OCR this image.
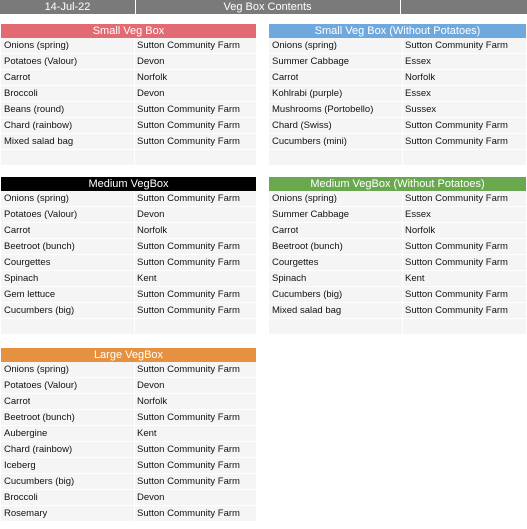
14-Jul-22	Veg Box Contents
Small Veg Box
Onions (spring)	Sutton Community Farm
Potatoes (Valour)	Devon
Carrot	Norfolk
Broccoli	Devon
Beans (round)	Sutton Community Farm
Chard (rainbow)	Sutton Community Farm
Mixed salad bag	Sutton Community Farm
Small Veg Box (Without Potatoes)
Onions (spring)	Sutton Community Farm
Summer Cabbage	Essex
Carrot	Norfolk
Kohlrabi (purple)	Essex
Mushrooms (Portobello)	Sussex
Chard (Swiss)	Sutton Community Farm
Cucumbers (mini)	Sutton Community Farm
Medium VegBox
Onions (spring)	Sutton Community Farm
Potatoes (Valour)	Devon
Carrot	Norfolk
Beetroot (bunch)	Sutton Community Farm
Courgettes	Sutton Community Farm
Spinach	Kent
Gem lettuce	Sutton Community Farm
Cucumbers (big)	Sutton Community Farm
Medium VegBox (Without Potatoes)
Onions (spring)	Sutton Community Farm
Summer Cabbage	Essex
Carrot	Norfolk
Beetroot (bunch)	Sutton Community Farm
Courgettes	Sutton Community Farm
Spinach	Kent
Cucumbers (big)	Sutton Community Farm
Mixed salad bag	Sutton Community Farm
Large VegBox
Onions (spring)	Sutton Community Farm
Potatoes (Valour)	Devon
Carrot	Norfolk
Beetroot (bunch)	Sutton Community Farm
Aubergine	Kent
Chard (rainbow)	Sutton Community Farm
Iceberg	Sutton Community Farm
Cucumbers (big)	Sutton Community Farm
Broccoli	Devon
Rosemary	Sutton Community Farm
